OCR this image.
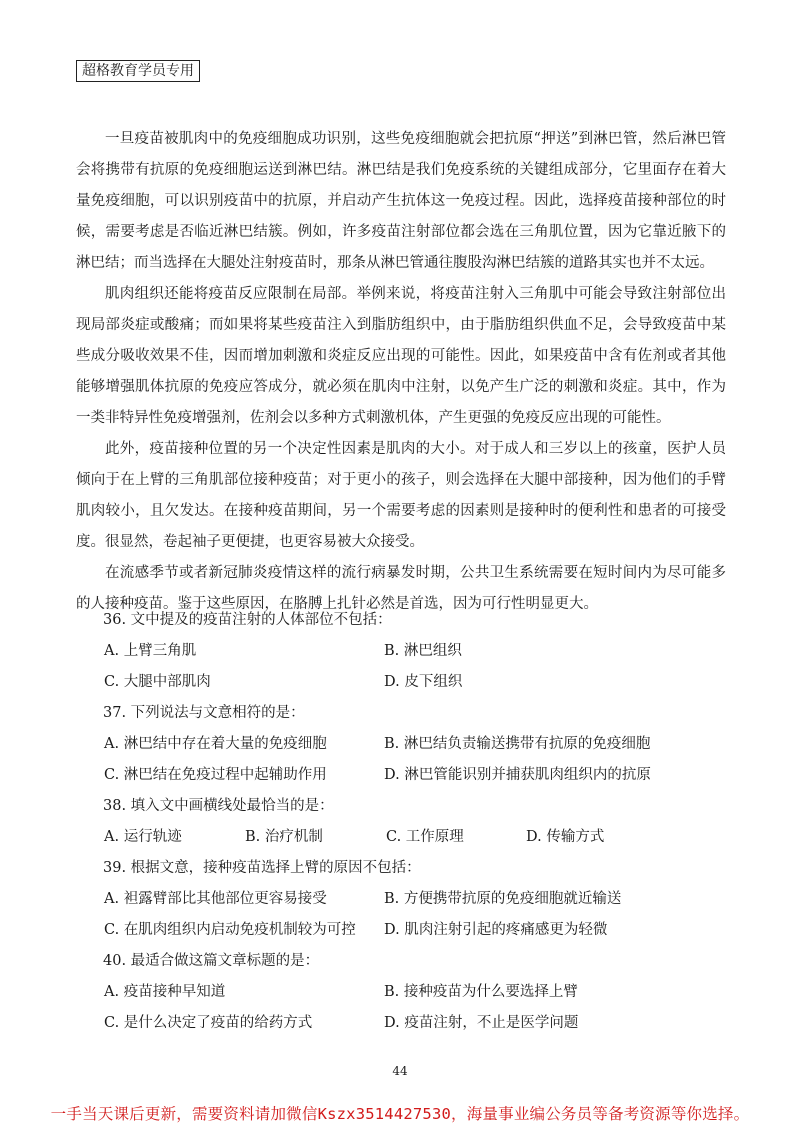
超格教育学员专用

一旦疫苗被肌肉中的免疫细胞成功识别，这些免疫细胞就会把抗原“押送”到淋巴管，然后淋巴管会将携带有抗原的免疫细胞运送到淋巴结。淋巴结是我们免疫系统的关键组成部分，它里面存在着大量免疫细胞，可以识别疫苗中的抗原，并启动产生抗体这一免疫过程。因此，选择疫苗接种部位的时候，需要考虑是否临近淋巴结簇。例如，许多疫苗注射部位都会选在三角肌位置，因为它靠近腋下的淋巴结；而当选择在大腿处注射疫苗时，那条从淋巴管通往腹股沟淋巴结簇的道路其实也并不太远。

肌肉组织还能将疫苗反应限制在局部。举例来说，将疫苗注射入三角肌中可能会导致注射部位出现局部炎症或酸痛；而如果将某些疫苗注入到脂肪组织中，由于脂肪组织供血不足，会导致疫苗中某些成分吸收效果不佳，因而增加刺激和炎症反应出现的可能性。因此，如果疫苗中含有佐剂或者其他能够增强肌体抗原的免疫应答成分，就必须在肌肉中注射，以免产生广泛的刺激和炎症。其中，作为一类非特异性免疫增强剂，佐剂会以多种方式刺激机体，产生更强的免疫反应出现的可能性。

此外，疫苗接种位置的另一个决定性因素是肌肉的大小。对于成人和三岁以上的孩童，医护人员倾向于在上臂的三角肌部位接种疫苗；对于更小的孩子，则会选择在大腿中部接种，因为他们的手臂肌肉较小，且欠发达。在接种疫苗期间，另一个需要考虑的因素则是接种时的便利性和患者的可接受度。很显然，卷起袖子更便捷，也更容易被大众接受。

在流感季节或者新冠肺炎疫情这样的流行病暴发时期，公共卫生系统需要在短时间内为尽可能多的人接种疫苗。鉴于这些原因，在胳膊上扎针必然是首选，因为可行性明显更大。

36. 文中提及的疫苗注射的人体部位不包括：
A. 上臂三角肌	B. 淋巴组织
C. 大腿中部肌肉	D. 皮下组织
37. 下列说法与文意相符的是：
A. 淋巴结中存在着大量的免疫细胞	B. 淋巴结负责输送携带有抗原的免疫细胞
C. 淋巴结在免疫过程中起辅助作用	D. 淋巴管能识别并捕获肌肉组织内的抗原
38. 填入文中画横线处最恰当的是：
A. 运行轨迹	B. 治疗机制	C. 工作原理	D. 传输方式
39. 根据文意，接种疫苗选择上臂的原因不包括：
A. 袒露臂部比其他部位更容易接受	B. 方便携带抗原的免疫细胞就近输送
C. 在肌肉组织内启动免疫机制较为可控 D. 肌肉注射引起的疼痛感更为轻微
40. 最适合做这篇文章标题的是：
A. 疫苗接种早知道	B. 接种疫苗为什么要选择上臂
C. 是什么决定了疫苗的给药方式	D. 疫苗注射，不止是医学问题
44
一手当天课后更新，需要资料请加微信Kszx3514427530，海量事业编公务员等备考资源等你选择。
